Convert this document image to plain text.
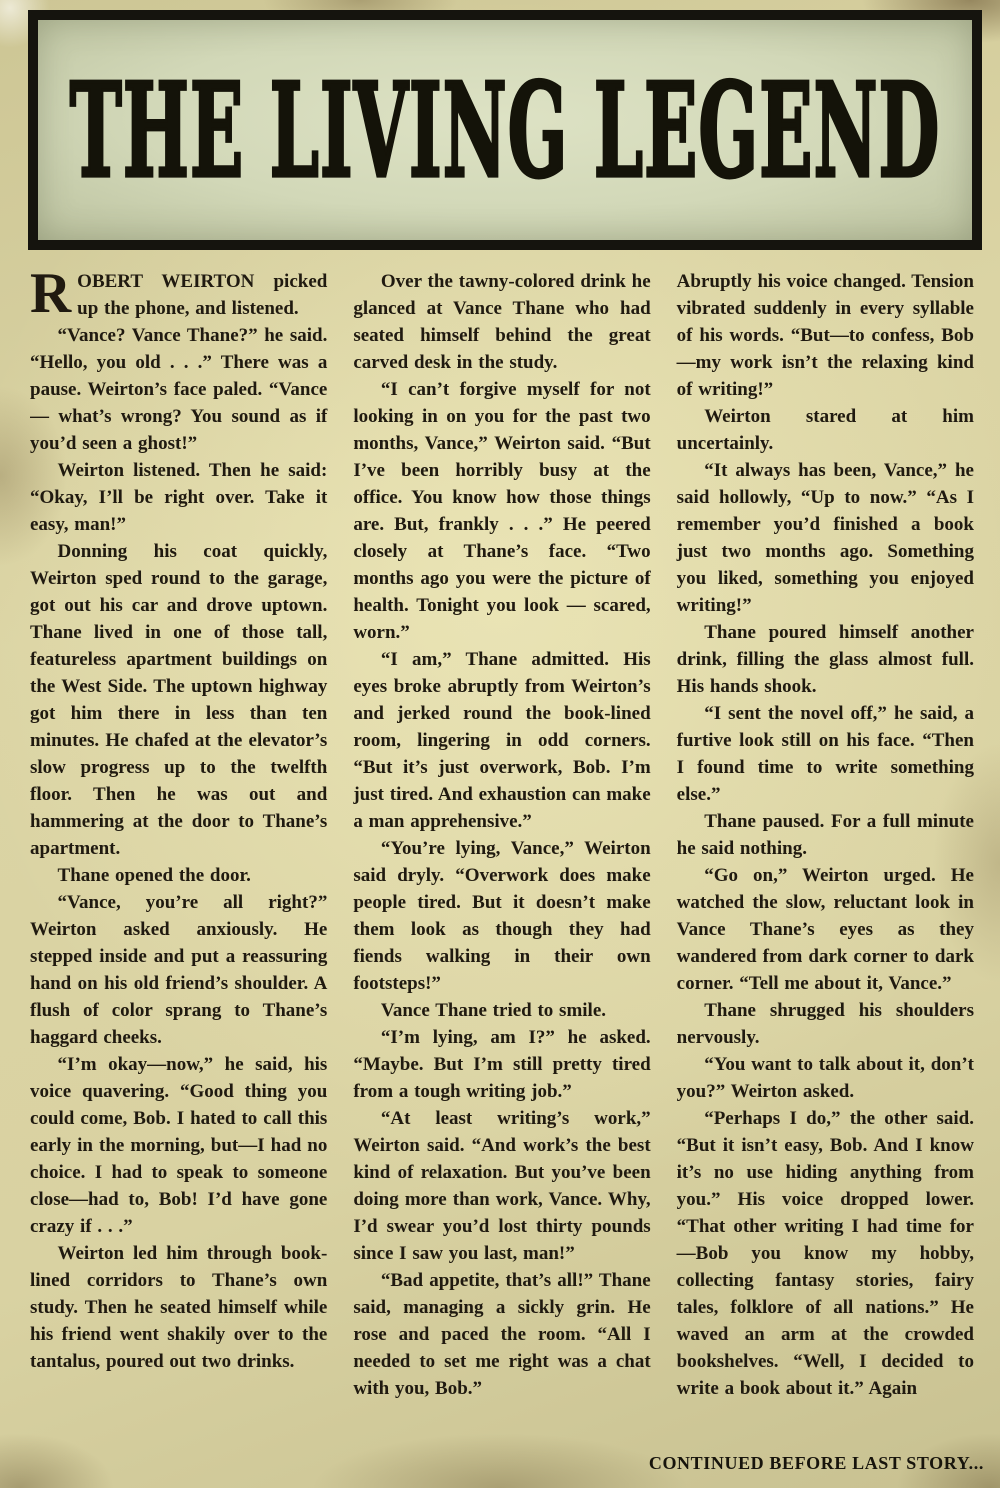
THE LIVING LEGEND

ROBERT WEIRTON picked up the phone, and listened.

“Vance? Vance Thane?” he said. “Hello, you old . . .” There was a pause. Weirton’s face paled. “Vance — what’s wrong? You sound as if you’d seen a ghost!”

Weirton listened. Then he said: “Okay, I’ll be right over. Take it easy, man!”

Donning his coat quickly, Weirton sped round to the garage, got out his car and drove uptown. Thane lived in one of those tall, featureless apartment buildings on the West Side. The uptown highway got him there in less than ten minutes. He chafed at the elevator’s slow progress up to the twelfth floor. Then he was out and hammering at the door to Thane’s apartment.

Thane opened the door.

“Vance, you’re all right?” Weirton asked anxiously. He stepped inside and put a reassuring hand on his old friend’s shoulder. A flush of color sprang to Thane’s haggard cheeks.

“I’m okay—now,” he said, his voice quavering. “Good thing you could come, Bob. I hated to call this early in the morning, but—I had no choice. I had to speak to someone close—had to, Bob! I’d have gone crazy if . . .”

Weirton led him through book-lined corridors to Thane’s own study. Then he seated himself while his friend went shakily over to the tantalus, poured out two drinks.

Over the tawny-colored drink he glanced at Vance Thane who had seated himself behind the great carved desk in the study.

“I can’t forgive myself for not looking in on you for the past two months, Vance,” Weirton said. “But I’ve been horribly busy at the office. You know how those things are. But, frankly . . .” He peered closely at Thane’s face. “Two months ago you were the picture of health. Tonight you look — scared, worn.”

“I am,” Thane admitted. His eyes broke abruptly from Weirton’s and jerked round the book-lined room, lingering in odd corners. “But it’s just overwork, Bob. I’m just tired. And exhaustion can make a man apprehensive.”

“You’re lying, Vance,” Weirton said dryly. “Overwork does make people tired. But it doesn’t make them look as though they had fiends walking in their own footsteps!”

Vance Thane tried to smile.

“I’m lying, am I?” he asked. “Maybe. But I’m still pretty tired from a tough writing job.”

“At least writing’s work,” Weirton said. “And work’s the best kind of relaxation. But you’ve been doing more than work, Vance. Why, I’d swear you’d lost thirty pounds since I saw you last, man!”

“Bad appetite, that’s all!” Thane said, managing a sickly grin. He rose and paced the room. “All I needed to set me right was a chat with you, Bob.”

Abruptly his voice changed. Tension vibrated suddenly in every syllable of his words. “But—to confess, Bob—my work isn’t the relaxing kind of writing!”

Weirton stared at him uncertainly.

“It always has been, Vance,” he said hollowly, “Up to now.” “As I remember you’d finished a book just two months ago. Something you liked, something you enjoyed writing!”

Thane poured himself another drink, filling the glass almost full. His hands shook.

“I sent the novel off,” he said, a furtive look still on his face. “Then I found time to write something else.”

Thane paused. For a full minute he said nothing.

“Go on,” Weirton urged. He watched the slow, reluctant look in Vance Thane’s eyes as they wandered from dark corner to dark corner. “Tell me about it, Vance.”

Thane shrugged his shoulders nervously.

“You want to talk about it, don’t you?” Weirton asked.

“Perhaps I do,” the other said. “But it isn’t easy, Bob. And I know it’s no use hiding anything from you.” His voice dropped lower. “That other writing I had time for—Bob you know my hobby, collecting fantasy stories, fairy tales, folklore of all nations.” He waved an arm at the crowded bookshelves. “Well, I decided to write a book about it.” Again

CONTINUED BEFORE LAST STORY...
